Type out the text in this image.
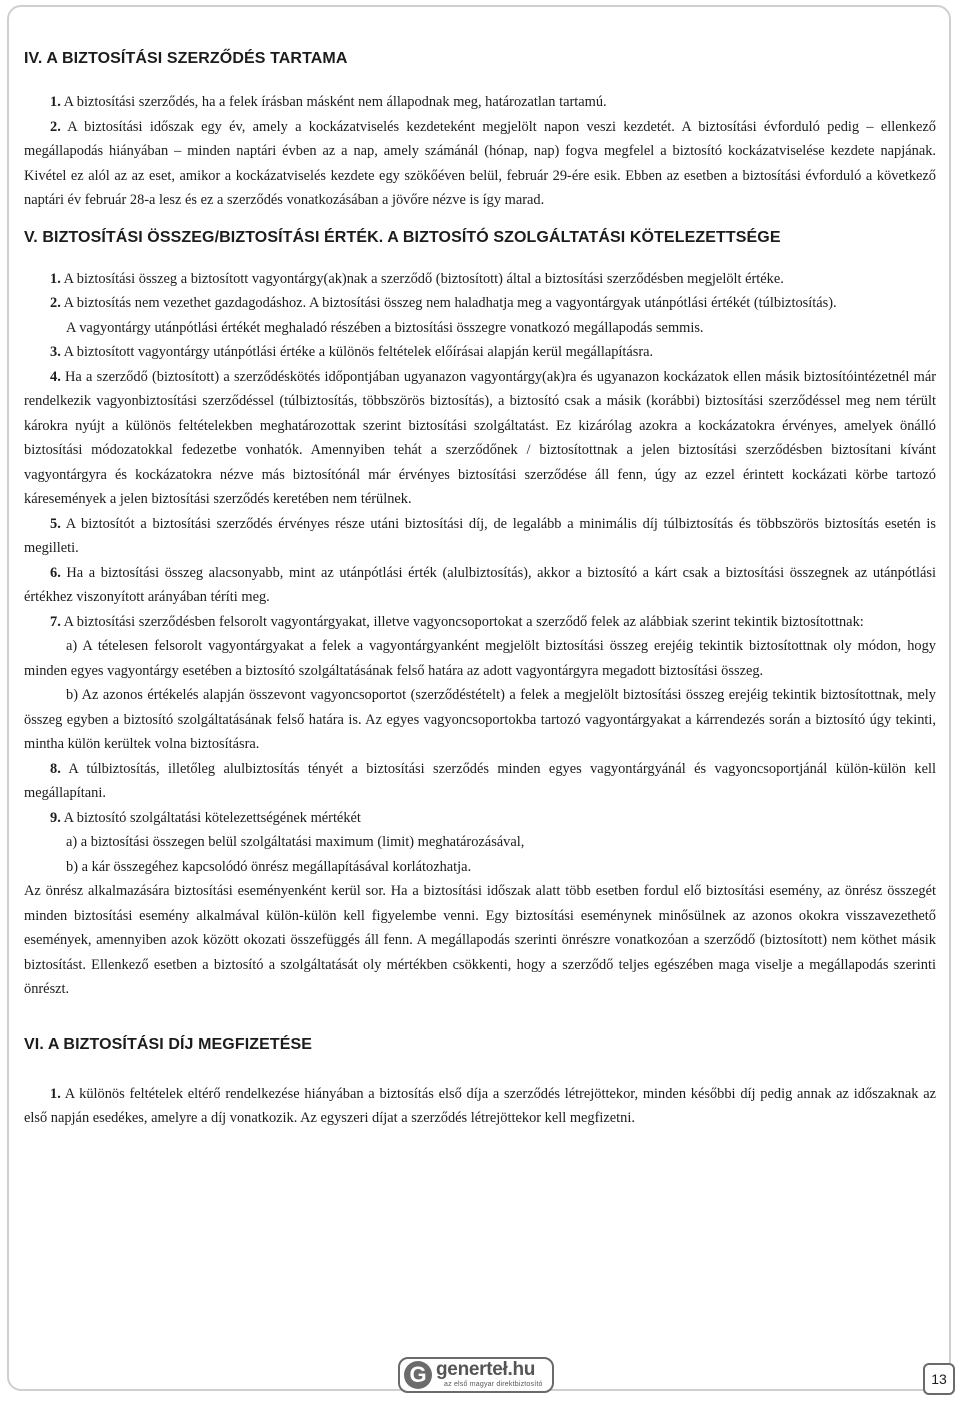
IV. A BIZTOSÍTÁSI SZERZŐDÉS TARTAMA

1. A biztosítási szerződés, ha a felek írásban másként nem állapodnak meg, határozatlan tartamú.

2. A biztosítási időszak egy év, amely a kockázatviselés kezdeteként megjelölt napon veszi kezdetét. A biztosítási évforduló pedig – ellenkező megállapodás hiányában – minden naptári évben az a nap, amely számánál (hónap, nap) fogva megfelel a biztosító kockázatviselése kezdete napjának. Kivétel ez alól az az eset, amikor a kockázatviselés kezdete egy szökőéven belül, február 29-ére esik. Ebben az esetben a biztosítási évforduló a következő naptári év február 28-a lesz és ez a szerződés vonatkozásában a jövőre nézve is így marad.

V. BIZTOSÍTÁSI ÖSSZEG/BIZTOSÍTÁSI ÉRTÉK. A BIZTOSÍTÓ SZOLGÁLTATÁSI KÖTELEZETTSÉGE

1. A biztosítási összeg a biztosított vagyontárgy(ak)nak a szerződő (biztosított) által a biztosítási szerződésben megjelölt értéke.

2. A biztosítás nem vezethet gazdagodáshoz. A biztosítási összeg nem haladhatja meg a vagyontárgyak utánpótlási értékét (túlbiztosítás).

A vagyontárgy utánpótlási értékét meghaladó részében a biztosítási összegre vonatkozó megállapodás semmis.

3. A biztosított vagyontárgy utánpótlási értéke a különös feltételek előírásai alapján kerül megállapításra.

4. Ha a szerződő (biztosított) a szerződéskötés időpontjában ugyanazon vagyontárgy(ak)ra és ugyanazon kockázatok ellen másik biztosítóintézetnél már rendelkezik vagyonbiztosítási szerződéssel (túlbiztosítás, többszörös biztosítás), a biztosító csak a másik (korábbi) biztosítási szerződéssel meg nem térült károkra nyújt a különös feltételekben meghatározottak szerint biztosítási szolgáltatást. Ez kizárólag azokra a kockázatokra érvényes, amelyek önálló biztosítási módozatokkal fedezetbe vonhatók. Amennyiben tehát a szerződőnek / biztosítottnak a jelen biztosítási szerződésben biztosítani kívánt vagyontárgyra és kockázatokra nézve más biztosítónál már érvényes biztosítási szerződése áll fenn, úgy az ezzel érintett kockázati körbe tartozó káresemények a jelen biztosítási szerződés keretében nem térülnek.

5. A biztosítót a biztosítási szerződés érvényes része utáni biztosítási díj, de legalább a minimális díj túlbiztosítás és többszörös biztosítás esetén is megilleti.

6. Ha a biztosítási összeg alacsonyabb, mint az utánpótlási érték (alulbiztosítás), akkor a biztosító a kárt csak a biztosítási összegnek az utánpótlási értékhez viszonyított arányában téríti meg.

7. A biztosítási szerződésben felsorolt vagyontárgyakat, illetve vagyoncsoportokat a szerződő felek az alábbiak szerint tekintik biztosítottnak:

a) A tételesen felsorolt vagyontárgyakat a felek a vagyontárgyanként megjelölt biztosítási összeg erejéig tekintik biztosítottnak oly módon, hogy minden egyes vagyontárgy esetében a biztosító szolgáltatásának felső határa az adott vagyontárgyra megadott biztosítási összeg.

b) Az azonos értékelés alapján összevont vagyoncsoportot (szerződéstételt) a felek a megjelölt biztosítási összeg erejéig tekintik biztosítottnak, mely összeg egyben a biztosító szolgáltatásának felső határa is. Az egyes vagyoncsoportokba tartozó vagyontárgyakat a kárrendezés során a biztosító úgy tekinti, mintha külön kerültek volna biztosításra.

8. A túlbiztosítás, illetőleg alulbiztosítás tényét a biztosítási szerződés minden egyes vagyontárgyánál és vagyoncsoportjánál külön-külön kell megállapítani.

9. A biztosító szolgáltatási kötelezettségének mértékét

a) a biztosítási összegen belül szolgáltatási maximum (limit) meghatározásával,

b) a kár összegéhez kapcsolódó önrész megállapításával korlátozhatja.

Az önrész alkalmazására biztosítási eseményenként kerül sor. Ha a biztosítási időszak alatt több esetben fordul elő biztosítási esemény, az önrész összegét minden biztosítási esemény alkalmával külön-külön kell figyelembe venni. Egy biztosítási eseménynek minősülnek az azonos okokra visszavezethető események, amennyiben azok között okozati összefüggés áll fenn. A megállapodás szerinti önrészre vonatkozóan a szerződő (biztosított) nem köthet másik biztosítást. Ellenkező esetben a biztosító a szolgáltatását oly mértékben csökkenti, hogy a szerződő teljes egészében maga viselje a megállapodás szerinti önrészt.

VI. A BIZTOSÍTÁSI DÍJ MEGFIZETÉSE

1. A különös feltételek eltérő rendelkezése hiányában a biztosítás első díja a szerződés létrejöttekor, minden későbbi díj pedig annak az időszaknak az első napján esedékes, amelyre a díj vonatkozik. Az egyszeri díjat a szerződés létrejöttekor kell megfizetni.

G generteł.hu
az első magyar direktbiztosító	13
